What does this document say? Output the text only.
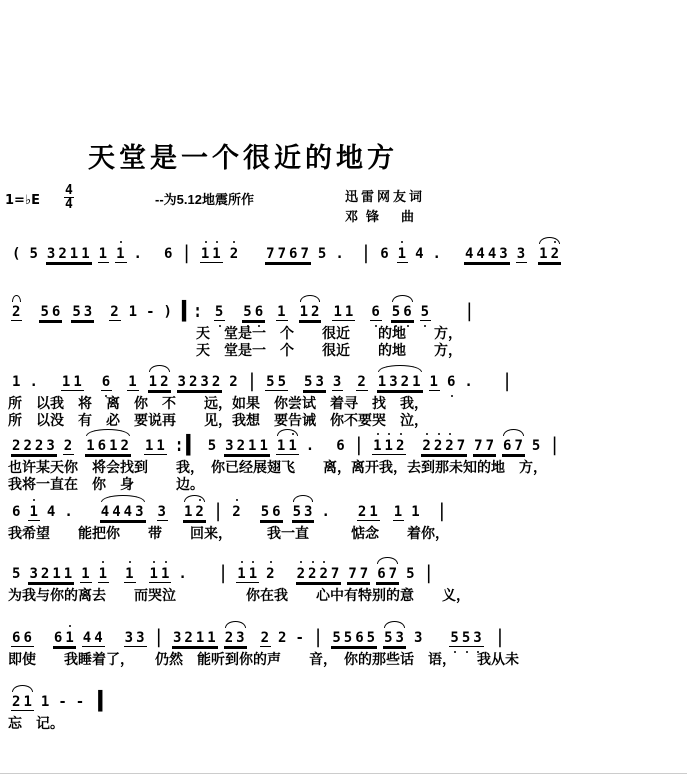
天堂是一个很近的地方
1=♭E $\frac{4}{4}$	--为5.12地震所作	迅雷网友词
邓锋 曲
( 5 3 2 1 1 1 1 . 6 | 1 1 2 7 7 6 7 5 . | 6 1 4 . 4 4 4 3 3 1 2
2 5 6 5 3 2 1 - ) ▌ : 5 5 6 1 1 2 1 1 6 5 6 5	|
天　堂是一　个　　很近　　的地　　方，
天　堂是一　个　　很近　　的地　　方，
1 . 1 1 6 1 1 2 3 2 3 2 2 | 5 5 5 3 3 2 1 3 2 1 1 6 . |
所　以我　将　离　你　不　　远，如果　你尝试　着寻　找　我，
所　以没　有　必　要说再　　见，我想　要告诫　你不要哭　泣，
2 2 2 3 2 1 6 1 2 1 1 : ▌ 5 3 2 1 1 1 1 . 6 | 1 1 2 2 2 2 7 7 7 6 7 5 |
也许某天你　将会找到　　我，　你已经展翅飞　　离，离开我，去到那未知的地　方，
我将一直在　你　身　　　边。
6 1 4 . 4 4 4 3 3 1 2 | 2 5 6 5 3 . 2 1 1 1 |
我希望　　能把你　　带　　回来，　　　我一直　　　惦念　　着你，
5 3 2 1 1 1 1 1 1 1 . | 1 1 2 2 2 2 7 7 7 6 7 5 |
为我与你的离去　　而哭泣　　　　　你在我　　心中有特别的意　　义，
6 6 6 1 4 4 3 3 | 3 2 1 1 2 3 2 2 - | 5 5 6 5 5 3 3 5 5 3 |
即使　　我睡着了，　　仍然　能听到你的声　　音，　你的那些话　语，　　我从未
2 1 1 - - ▌
忘　记。
